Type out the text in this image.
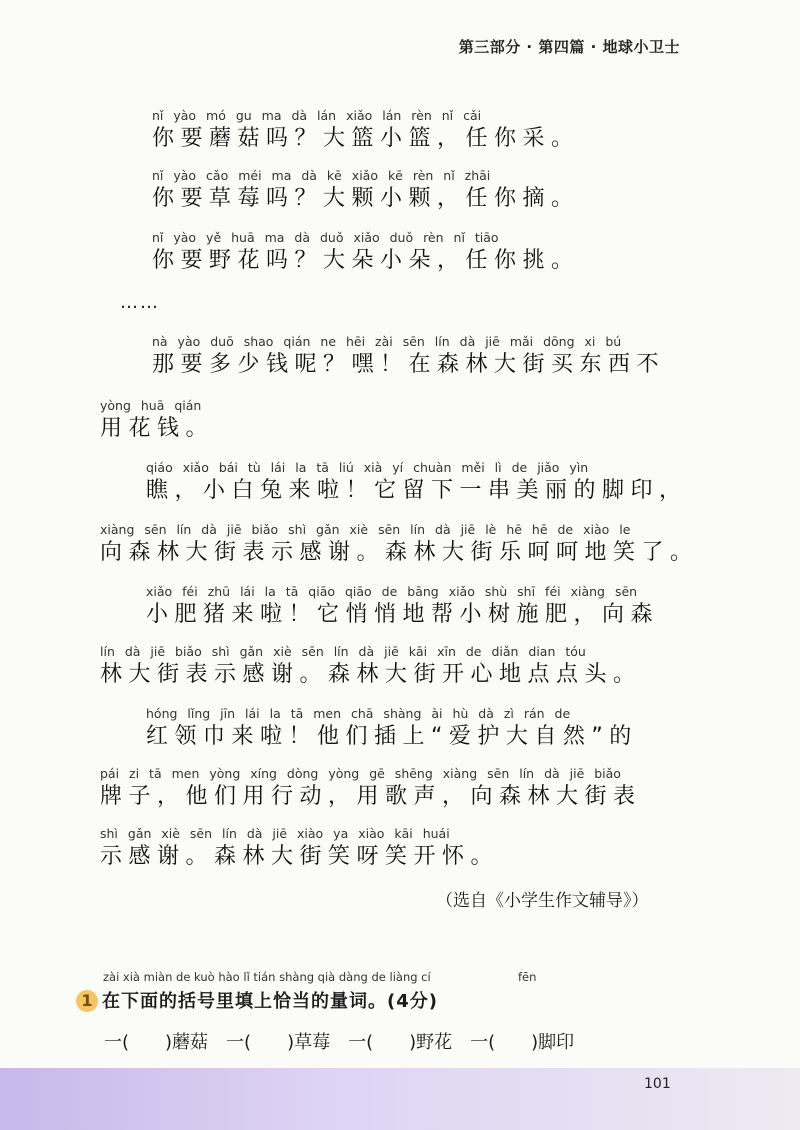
第三部分 · 第四篇 · 地球小卫士
nǐ yào mó gu ma dà lán xiǎo lán rèn nǐ cǎi
你要蘑菇吗？大篮小篮，任你采。
nǐ yào cǎo méi ma dà kē xiǎo kē rèn nǐ zhāi
你要草莓吗？大颗小颗，任你摘。
nǐ yào yě huā ma dà duǒ xiǎo duǒ rèn nǐ tiāo
你要野花吗？大朵小朵，任你挑。
……
nà yào duō shao qián ne hēi zài sēn lín dà jiē mǎi dōng xi bú
那要多少钱呢？嘿！在森林大街买东西不
yòng huā qián
用花钱。
qiáo xiǎo bái tù lái la tā liú xià yí chuàn měi lì de jiǎo yìn
瞧，小白兔来啦！它留下一串美丽的脚印，
xiàng sēn lín dà jiē biǎo shì gǎn xiè sēn lín dà jiē lè hē hē de xiào le
向森林大街表示感谢。森林大街乐呵呵地笑了。
xiǎo féi zhū lái la tā qiāo qiāo de bāng xiǎo shù shī féi xiàng sēn
小肥猪来啦！它悄悄地帮小树施肥，向森
lín dà jiē biǎo shì gǎn xiè sēn lín dà jiē kāi xīn de diǎn dian tóu
林大街表示感谢。森林大街开心地点点头。
hóng lǐng jīn lái la tā men chā shàng ài hù dà zì rán de
红领巾来啦！他们插上“爱护大自然”的
pái zi tā men yòng xíng dòng yòng gē shēng xiàng sēn lín dà jiē biǎo
牌子，他们用行动，用歌声，向森林大街表
shì gǎn xiè sēn lín dà jiē xiào ya xiào kāi huái
示感谢。森林大街笑呀笑开怀。
（选自《小学生作文辅导》）
zài xià miàn de kuò hào lǐ tián shàng qià dàng de liàng cí	fēn
1 在下面的括号里填上恰当的量词。(4分)
一(　　)蘑菇　一(　　)草莓　一(　　)野花　一(　　)脚印
101
